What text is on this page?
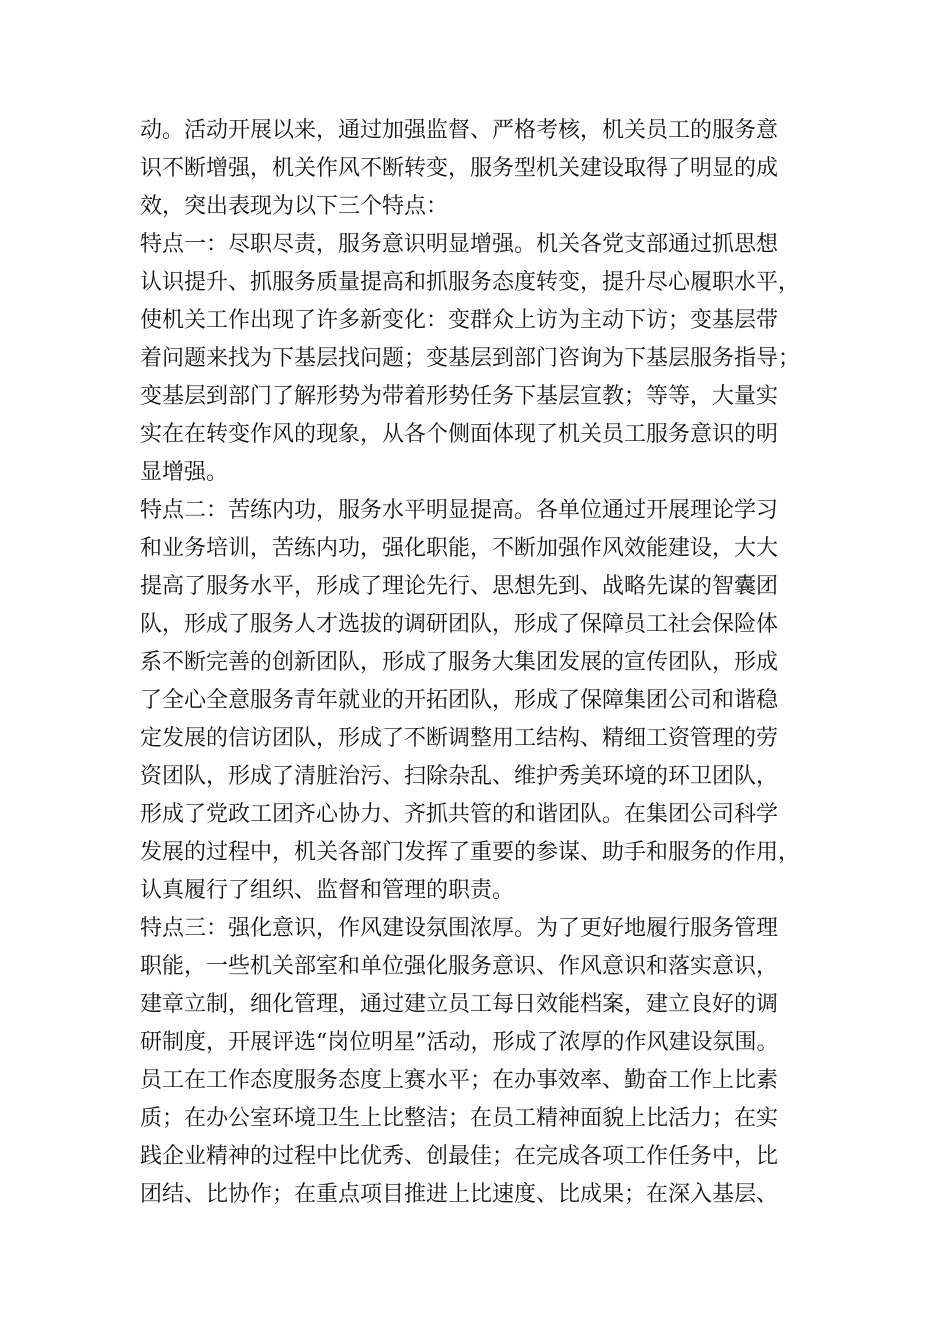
动。活动开展以来，通过加强监督、严格考核，机关员工的服务意
识不断增强，机关作风不断转变，服务型机关建设取得了明显的成
效，突出表现为以下三个特点：
特点一：尽职尽责，服务意识明显增强。机关各党支部通过抓思想
认识提升、抓服务质量提高和抓服务态度转变，提升尽心履职水平，
使机关工作出现了许多新变化：变群众上访为主动下访；变基层带
着问题来找为下基层找问题；变基层到部门咨询为下基层服务指导；
变基层到部门了解形势为带着形势任务下基层宣教；等等，大量实
实在在转变作风的现象，从各个侧面体现了机关员工服务意识的明
显增强。
特点二：苦练内功，服务水平明显提高。各单位通过开展理论学习
和业务培训，苦练内功，强化职能，不断加强作风效能建设，大大
提高了服务水平，形成了理论先行、思想先到、战略先谋的智囊团
队，形成了服务人才选拔的调研团队，形成了保障员工社会保险体
系不断完善的创新团队，形成了服务大集团发展的宣传团队，形成
了全心全意服务青年就业的开拓团队，形成了保障集团公司和谐稳
定发展的信访团队，形成了不断调整用工结构、精细工资管理的劳
资团队，形成了清脏治污、扫除杂乱、维护秀美环境的环卫团队，
形成了党政工团齐心协力、齐抓共管的和谐团队。在集团公司科学
发展的过程中，机关各部门发挥了重要的参谋、助手和服务的作用，
认真履行了组织、监督和管理的职责。
特点三：强化意识，作风建设氛围浓厚。为了更好地履行服务管理
职能，一些机关部室和单位强化服务意识、作风意识和落实意识，
建章立制，细化管理，通过建立员工每日效能档案，建立良好的调
研制度，开展评选“岗位明星”活动，形成了浓厚的作风建设氛围。
员工在工作态度服务态度上赛水平；在办事效率、勤奋工作上比素
质；在办公室环境卫生上比整洁；在员工精神面貌上比活力；在实
践企业精神的过程中比优秀、创最佳；在完成各项工作任务中，比
团结、比协作；在重点项目推进上比速度、比成果；在深入基层、
